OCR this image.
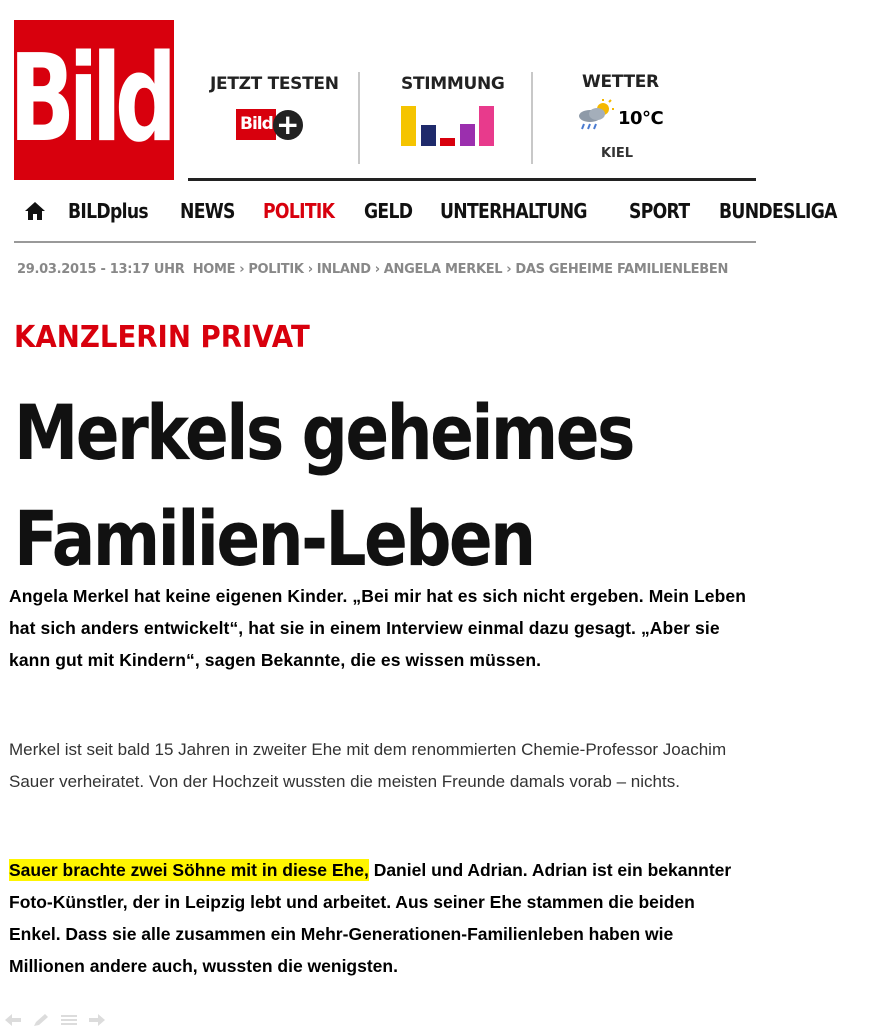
Bild JETZT TESTEN
Bild +
STIMMUNG	WETTER
10°C
KIEL
BILDplus NEWS POLITIK GELD UNTERHALTUNG SPORT BUNDESLIGA
29.03.2015 - 13:17 UHR HOME › POLITIK › INLAND › ANGELA MERKEL › DAS GEHEIME FAMILIENLEBEN
KANZLERIN PRIVAT
Merkels geheimes
Familien-Leben
Angela Merkel hat keine eigenen Kinder. „Bei mir hat es sich nicht ergeben. Mein Leben hat sich anders entwickelt“, hat sie in einem Interview einmal dazu gesagt. „Aber sie kann gut mit Kindern“, sagen Bekannte, die es wissen müssen.
Merkel ist seit bald 15 Jahren in zweiter Ehe mit dem renommierten Chemie-Professor Joachim Sauer verheiratet. Von der Hochzeit wussten die meisten Freunde damals vorab – nichts.
Sauer brachte zwei Söhne mit in diese Ehe, Daniel und Adrian. Adrian ist ein bekannter Foto-Künstler, der in Leipzig lebt und arbeitet. Aus seiner Ehe stammen die beiden Enkel. Dass sie alle zusammen ein Mehr-Generationen-Familienleben haben wie Millionen andere auch, wussten die wenigsten.
